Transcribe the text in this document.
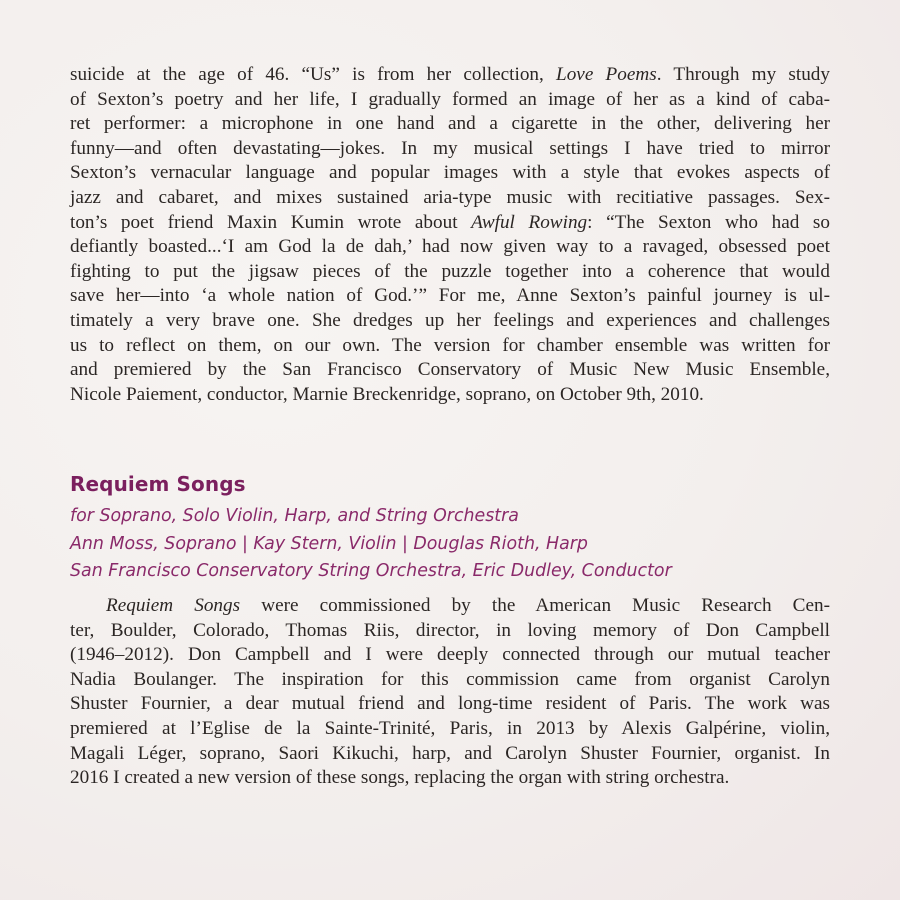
suicide at the age of 46. “Us” is from her collection, Love Poems. Through my study
of Sexton’s poetry and her life, I gradually formed an image of her as a kind of caba-
ret performer: a microphone in one hand and a cigarette in the other, delivering her
funny—and often devastating—jokes. In my musical settings I have tried to mirror
Sexton’s vernacular language and popular images with a style that evokes aspects of
jazz and cabaret, and mixes sustained aria-type music with recitiative passages. Sex-
ton’s poet friend Maxin Kumin wrote about Awful Rowing: “The Sexton who had so
defiantly boasted...‘I am God la de dah,’ had now given way to a ravaged, obsessed poet
fighting to put the jigsaw pieces of the puzzle together into a coherence that would
save her—into ‘a whole nation of God.’” For me, Anne Sexton’s painful journey is ul-
timately a very brave one. She dredges up her feelings and experiences and challenges
us to reflect on them, on our own. The version for chamber ensemble was written for
and premiered by the San Francisco Conservatory of Music New Music Ensemble,
Nicole Paiement, conductor, Marnie Breckenridge, soprano, on October 9th, 2010.
Requiem Songs
for Soprano, Solo Violin, Harp, and String Orchestra
Ann Moss, Soprano | Kay Stern, Violin | Douglas Rioth, Harp
San Francisco Conservatory String Orchestra, Eric Dudley, Conductor
Requiem Songs were commissioned by the American Music Research Cen-
ter, Boulder, Colorado, Thomas Riis, director, in loving memory of Don Campbell
(1946–2012). Don Campbell and I were deeply connected through our mutual teacher
Nadia Boulanger. The inspiration for this commission came from organist Carolyn
Shuster Fournier, a dear mutual friend and long-time resident of Paris. The work was
premiered at l’Eglise de la Sainte-Trinité, Paris, in 2013 by Alexis Galpérine, violin,
Magali Léger, soprano, Saori Kikuchi, harp, and Carolyn Shuster Fournier, organist. In
2016 I created a new version of these songs, replacing the organ with string orchestra.
